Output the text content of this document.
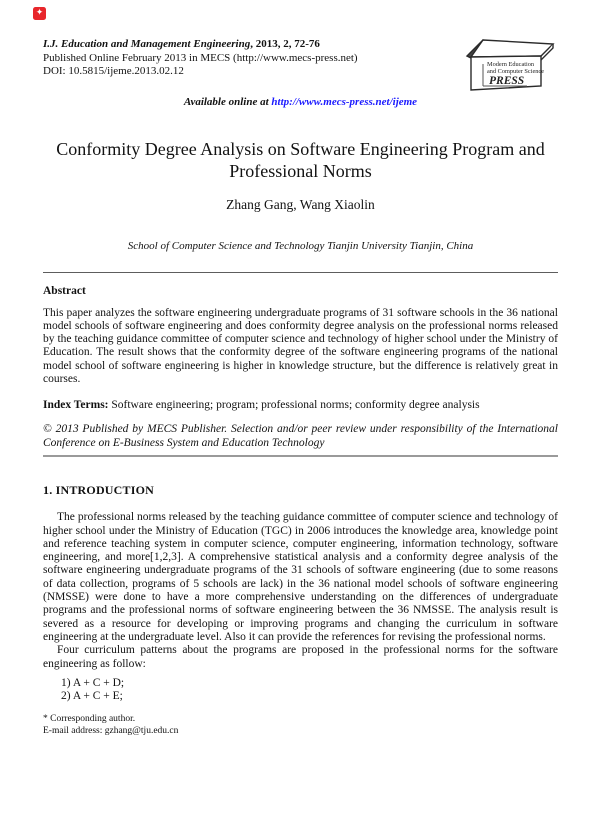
✦
I.J. Education and Management Engineering, 2013, 2, 72-76
Published Online February 2013 in MECS (http://www.mecs-press.net)
DOI: 10.5815/ijeme.2013.02.12
Modern Education
and Computer Science
PRESS
Available online at http://www.mecs-press.net/ijeme
Conformity Degree Analysis on Software Engineering Program and Professional Norms
Zhang Gang, Wang Xiaolin
School of Computer Science and Technology Tianjin University Tianjin, China
Abstract
This paper analyzes the software engineering undergraduate programs of 31 software schools in the 36 national model schools of software engineering and does conformity degree analysis on the professional norms released by the teaching guidance committee of computer science and technology of higher school under the Ministry of Education. The result shows that the conformity degree of the software engineering programs of the national model school of software engineering is higher in knowledge structure, but the difference is relatively great in courses.
Index Terms: Software engineering; program; professional norms; conformity degree analysis
© 2013 Published by MECS Publisher. Selection and/or peer review under responsibility of the International Conference on E-Business System and Education Technology
1. INTRODUCTION
The professional norms released by the teaching guidance committee of computer science and technology of higher school under the Ministry of Education (TGC) in 2006 introduces the knowledge area, knowledge point and reference teaching system in computer science, computer engineering, information technology, software engineering, and more[1,2,3]. A comprehensive statistical analysis and a conformity degree analysis of the software engineering undergraduate programs of the 31 schools of software engineering (due to some reasons of data collection, programs of 5 schools are lack) in the 36 national model schools of software engineering (NMSSE) were done to have a more comprehensive understanding on the differences of undergraduate programs and the professional norms of software engineering between the 36 NMSSE. The analysis result is severed as a resource for developing or improving programs and changing the curriculum in software engineering at the undergraduate level. Also it can provide the references for revising the professional norms.
Four curriculum patterns about the programs are proposed in the professional norms for the software engineering as follow:
1) A + C + D;
2) A + C + E;
* Corresponding author.
E-mail address: gzhang@tju.edu.cn
